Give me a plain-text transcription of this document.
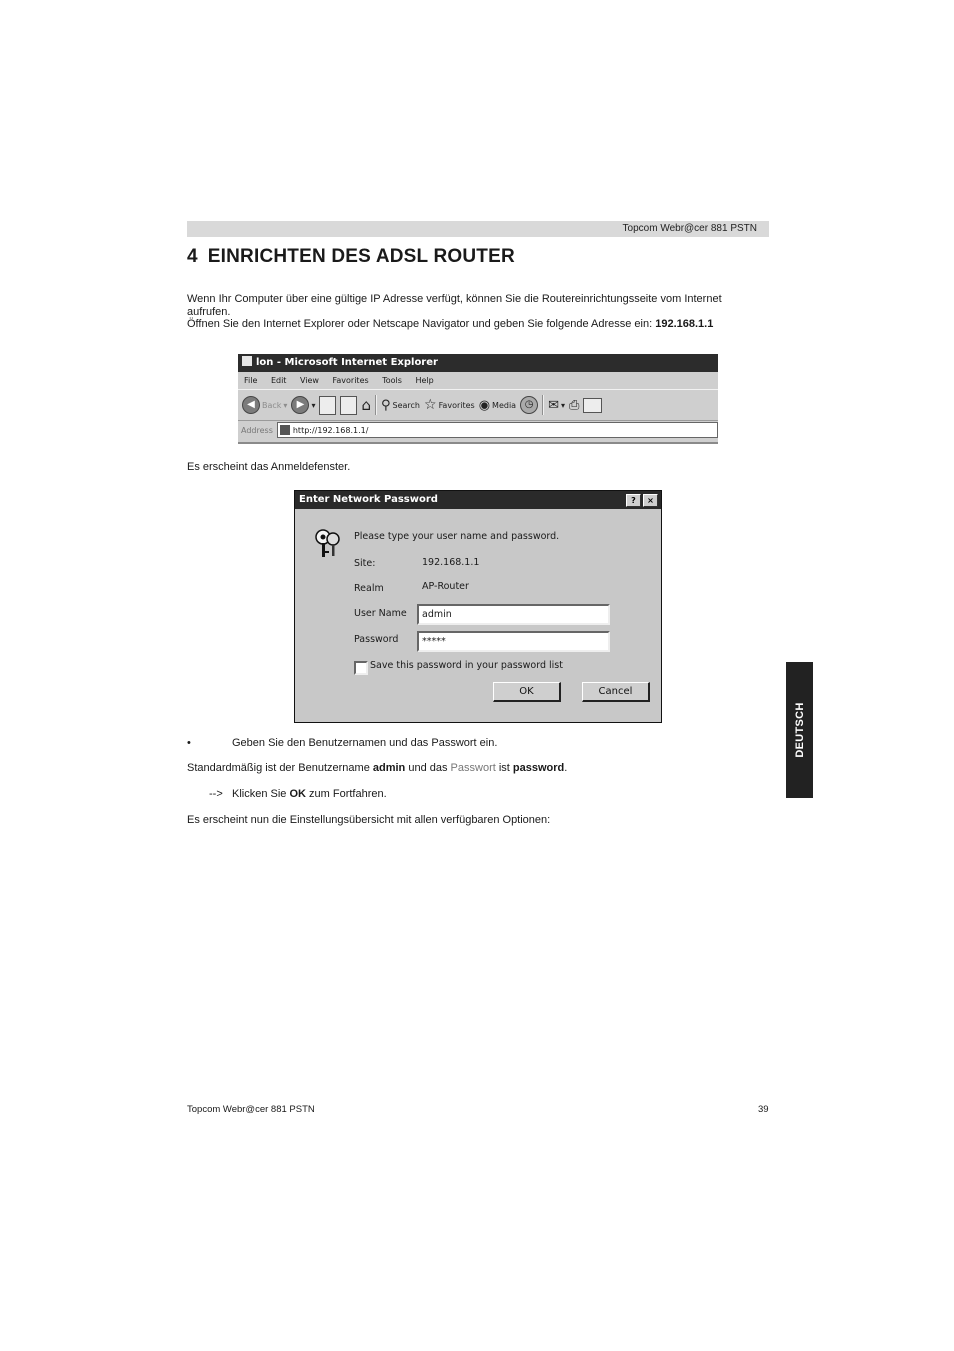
Topcom Webr@cer 881 PSTN
4 EINRICHTEN DES ADSL ROUTER

Wenn Ihr Computer über eine gültige IP Adresse verfügt, können Sie die Routereinrichtungsseite vom Internet
aufrufen.
Öffnen Sie den Internet Explorer oder Netscape Navigator und geben Sie folgende Adresse ein: 192.168.1.1

lon - Microsoft Internet Explorer
File Edit View Favorites Tools Help
◀ Back ▾ ▶ ▾	⌂ ⚲ Search ☆ Favorites ◉ Media ◷	✉ ▾ ⎙
Address	http://192.168.1.1/

Es erscheint das Anmeldefenster.

Enter Network Password	?	×
Please type your user name and password.
Site:	192.168.1.1
Realm	AP-Router
User Name	admin
Password	*****
Save this password in your password list
OK	Cancel
•	Geben Sie den Benutzernamen und das Passwort ein.

Standardmäßig ist der Benutzername admin und das Passwort ist password.

--> Klicken Sie OK zum Fortfahren.

Es erscheint nun die Einstellungsübersicht mit allen verfügbaren Optionen:

DEUTSCH
Topcom Webr@cer 881 PSTN	39
